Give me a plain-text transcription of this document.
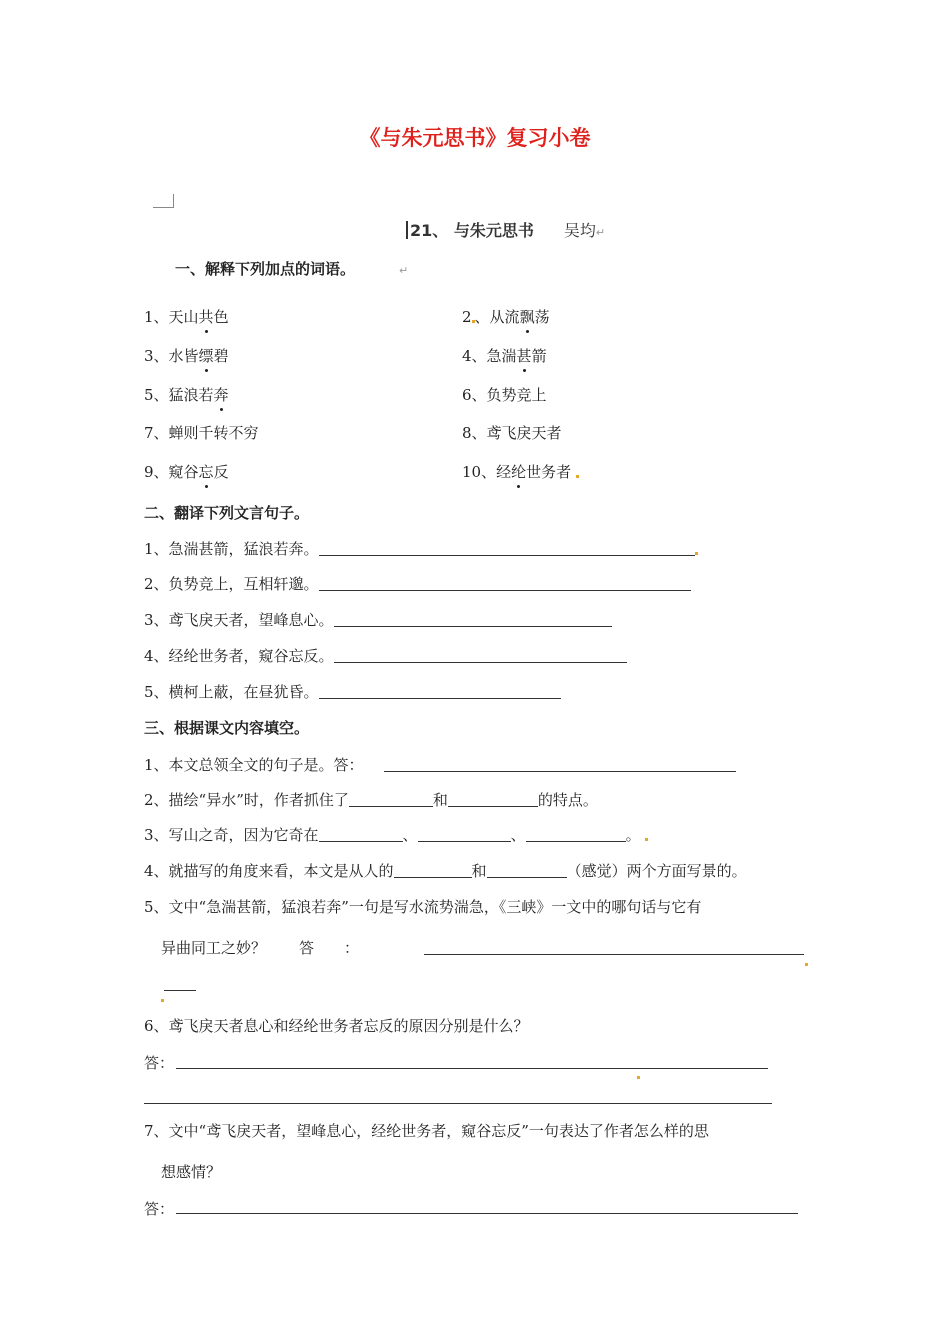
《与朱元思书》复习小卷
21、 与朱元思书 吴均↵
一、解释下列加点的词语。	↵
1、天山共色	2 、从流飘荡
3、水皆缥碧	4、急湍甚箭
5、猛浪若奔	6、负势竞上
7、蝉则千转不穷	8、鸢飞戾天者
9、窥谷忘反	10、经纶世务者
二、翻译下列文言句子。
1、急湍甚箭，猛浪若奔。
2、负势竞上，互相轩邈。
3、鸢飞戾天者，望峰息心。
4、经纶世务者，窥谷忘反。
5、横柯上蔽，在昼犹昏。
三、根据课文内容填空。
1、本文总领全文的句子是。答：
2、描绘“异水”时，作者抓住了	和	的特点。
3、写山之奇，因为它奇在	、	、	。
4、就描写的角度来看，本文是从人的	和	（感觉）两个方面写景的。
5、文中“急湍甚箭，猛浪若奔”一句是写水流势湍急，《三峡》一文中的哪句话与它有
异曲同工之妙？ 答 ：
6、鸢飞戾天者息心和经纶世务者忘反的原因分别是什么？
答：
7、文中“鸢飞戾天者，望峰息心，经纶世务者，窥谷忘反”一句表达了作者怎么样的思
想感情？
答：
